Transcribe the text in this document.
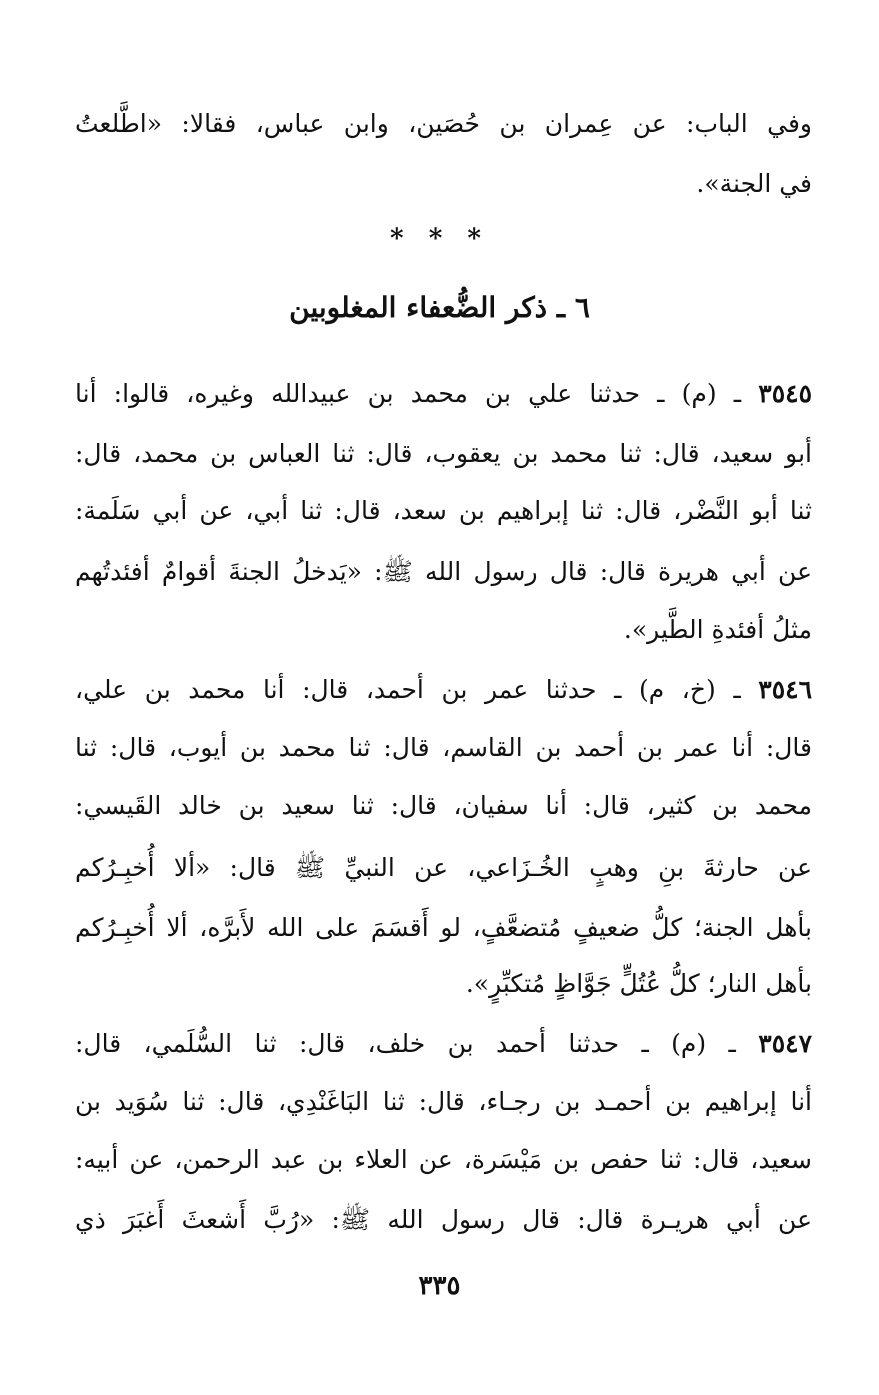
وفي الباب: عن عِمران بن حُصَين، وابن عباس، فقالا: «اطَّلعتُ
في الجنة».
* * *
٦ ـ ذكر الضُّعفاء المغلوبين
٣٥٤٥ ـ (م) ـ حدثنا علي بن محمد بن عبيدالله وغيره، قالوا: أنا
أبو سعيد، قال: ثنا محمد بن يعقوب، قال: ثنا العباس بن محمد، قال:
ثنا أبو النَّضْر، قال: ثنا إبراهيم بن سعد، قال: ثنا أبي، عن أبي سَلَمة:
عن أبي هريرة قال: قال رسول الله ﷺ: «يَدخلُ الجنةَ أقوامٌ أفئدتُهم
مثلُ أفئدةِ الطَّير».
٣٥٤٦ ـ (خ، م) ـ حدثنا عمر بن أحمد، قال: أنا محمد بن علي،
قال: أنا عمر بن أحمد بن القاسم، قال: ثنا محمد بن أيوب، قال: ثنا
محمد بن كثير، قال: أنا سفيان، قال: ثنا سعيد بن خالد القَيسي:
عن حارثةَ بنِ وهبٍ الخُـزَاعي، عن النبيِّ ﷺ قال: «ألا أُخبِـرُكم
بأهل الجنة؛ كلُّ ضعيفٍ مُتضعَّفٍ، لو أَقسَمَ على الله لأَبرَّه، ألا أُخبِـرُكم
بأهل النار؛ كلُّ عُتُلٍّ جَوَّاظٍ مُتكبِّرٍ».
٣٥٤٧ ـ (م) ـ حدثنا أحمد بن خلف، قال: ثنا السُّلَمي، قال:
أنا إبراهيم بن أحمـد بن رجـاء، قال: ثنا البَاغَنْدِي، قال: ثنا سُوَيد بن
سعيد، قال: ثنا حفص بن مَيْسَرة، عن العلاء بن عبد الرحمن، عن أبيه:
عن أبي هريـرة قال: قال رسول الله ﷺ: «رُبَّ أَشعثَ أَغبَرَ ذي
٣٣٥
